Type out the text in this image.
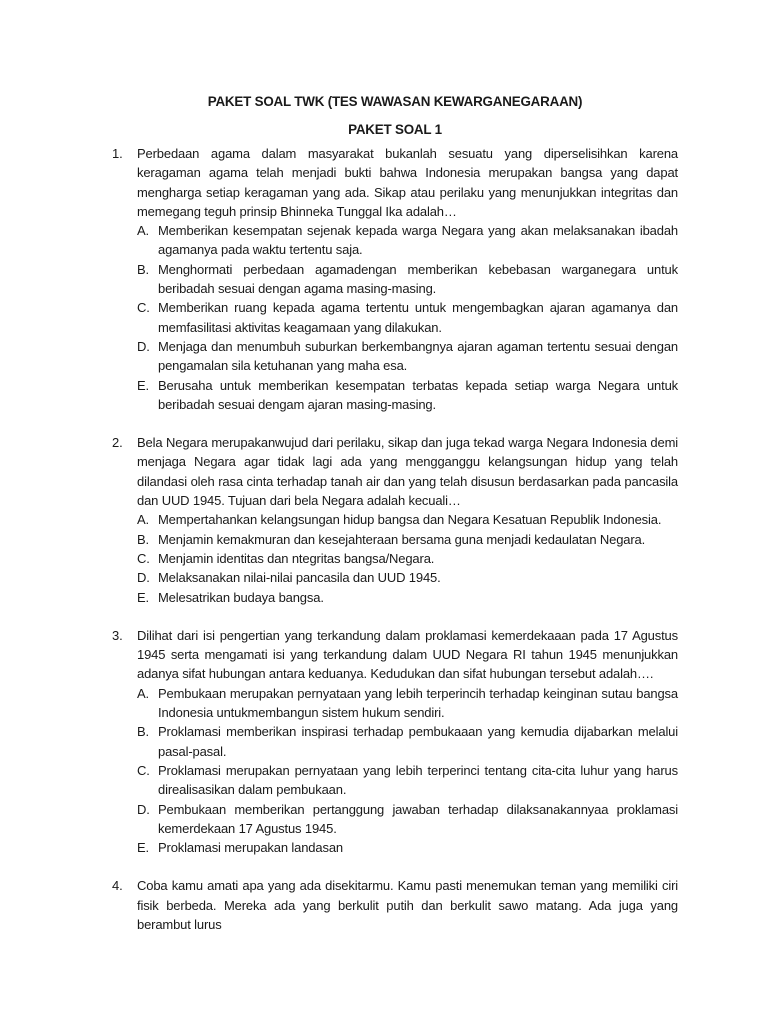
PAKET SOAL TWK (TES WAWASAN KEWARGANEGARAAN)
PAKET SOAL 1
1. Perbedaan agama dalam masyarakat bukanlah sesuatu yang diperselisihkan karena keragaman agama telah menjadi bukti bahwa Indonesia merupakan bangsa yang dapat mengharga setiap keragaman yang ada. Sikap atau perilaku yang menunjukkan integritas dan memegang teguh prinsip Bhinneka Tunggal Ika adalah…

A. Memberikan kesempatan sejenak kepada warga Negara yang akan melaksanakan ibadah agamanya pada waktu tertentu saja.
B. Menghormati perbedaan agamadengan memberikan kebebasan warganegara untuk beribadah sesuai dengan agama masing-masing.
C. Memberikan ruang kepada agama tertentu untuk mengembagkan ajaran agamanya dan memfasilitasi aktivitas keagamaan yang dilakukan.
D. Menjaga dan menumbuh suburkan berkembangnya ajaran agaman tertentu sesuai dengan pengamalan sila ketuhanan yang maha esa.
E. Berusaha untuk memberikan kesempatan terbatas kepada setiap warga Negara untuk beribadah sesuai dengam ajaran masing-masing.
2. Bela Negara merupakanwujud dari perilaku, sikap dan juga tekad warga Negara Indonesia demi menjaga Negara agar tidak lagi ada yang mengganggu kelangsungan hidup yang telah dilandasi oleh rasa cinta terhadap tanah air dan yang telah disusun berdasarkan pada pancasila dan UUD 1945. Tujuan dari bela Negara adalah kecuali…

A. Mempertahankan kelangsungan hidup bangsa dan Negara Kesatuan Republik Indonesia.
B. Menjamin kemakmuran dan kesejahteraan bersama guna menjadi kedaulatan Negara.
C. Menjamin identitas dan ntegritas bangsa/Negara.
D. Melaksanakan nilai-nilai pancasila dan UUD 1945.
E. Melesatrikan budaya bangsa.
3. Dilihat dari isi pengertian yang terkandung dalam proklamasi kemerdekaaan pada 17 Agustus 1945 serta mengamati isi yang terkandung dalam UUD Negara RI tahun 1945 menunjukkan adanya sifat hubungan antara keduanya. Kedudukan dan sifat hubungan tersebut adalah….

A. Pembukaan merupakan pernyataan yang lebih terperincih terhadap keinginan sutau bangsa Indonesia untukmembangun sistem hukum sendiri.
B. Proklamasi memberikan inspirasi terhadap pembukaaan yang kemudia dijabarkan melalui pasal-pasal.
C. Proklamasi merupakan pernyataan yang lebih terperinci tentang cita-cita luhur yang harus direalisasikan dalam pembukaan.
D. Pembukaan memberikan pertanggung jawaban terhadap dilaksanakannyaa proklamasi kemerdekaan 17 Agustus 1945.
E. Proklamasi merupakan landasan
4. Coba kamu amati apa yang ada disekitarmu. Kamu pasti menemukan teman yang memiliki ciri fisik berbeda. Mereka ada yang berkulit putih dan berkulit sawo matang. Ada juga yang berambut lurus
